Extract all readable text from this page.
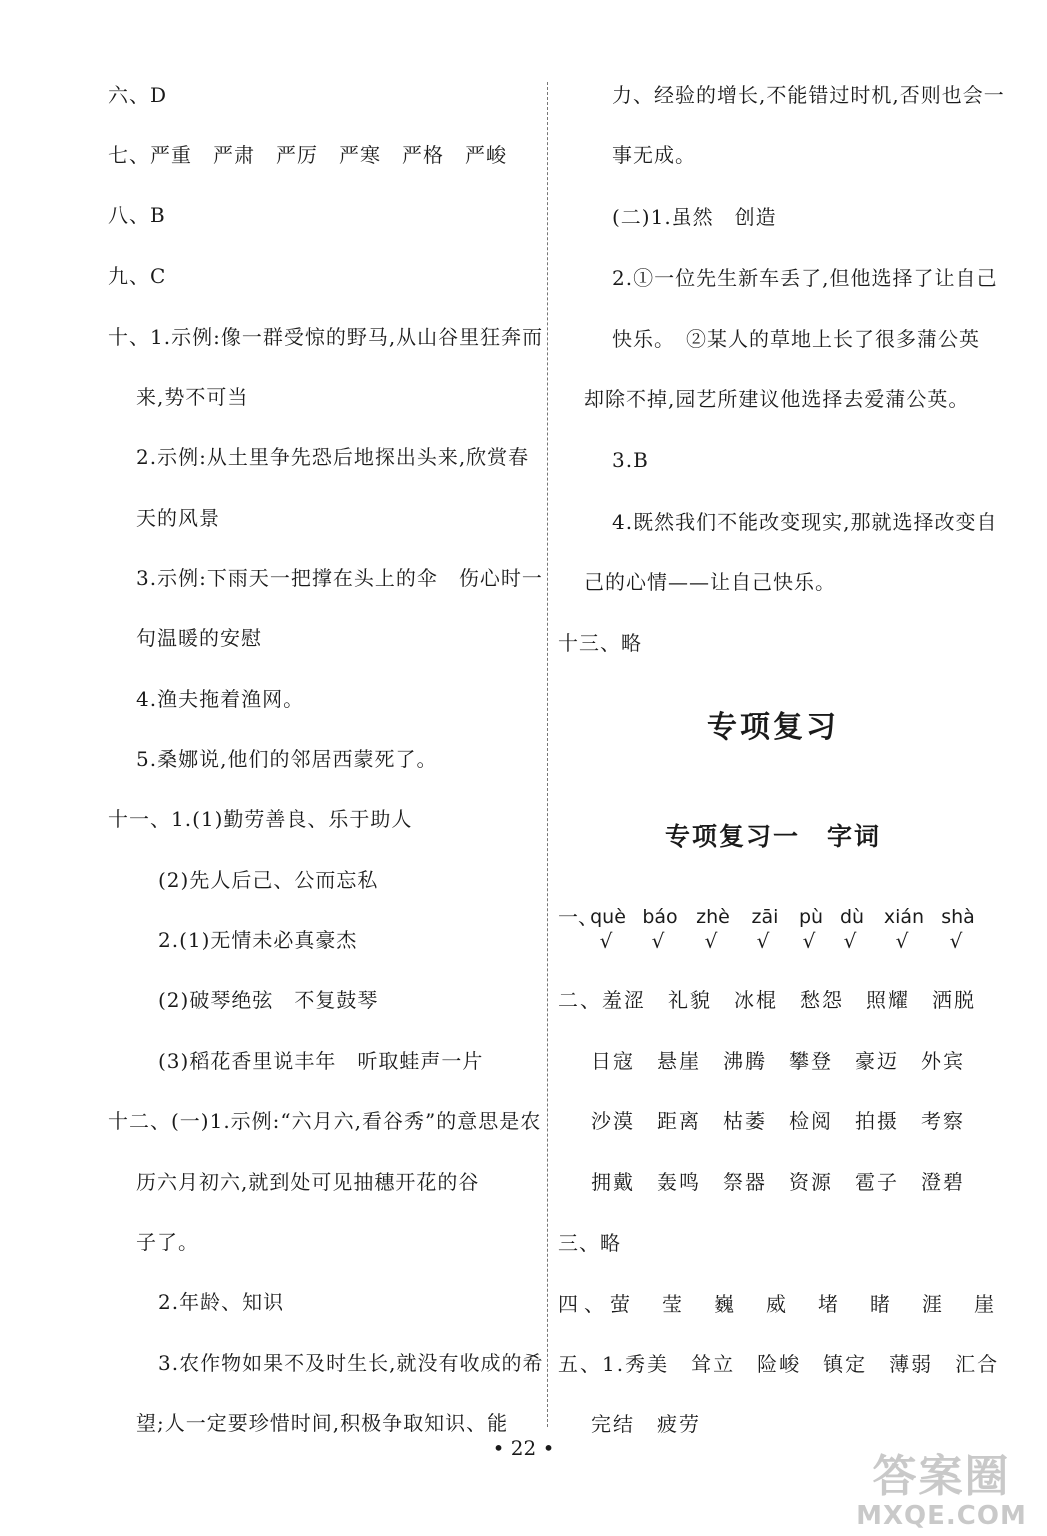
六、D
七、严重　严肃　严厉　严寒　严格　严峻
八、B
九、C
十、1.示例:像一群受惊的野马,从山谷里狂奔而
来,势不可当
2.示例:从土里争先恐后地探出头来,欣赏春
天的风景
3.示例:下雨天一把撑在头上的伞　伤心时一
句温暖的安慰
4.渔夫拖着渔网。
5.桑娜说,他们的邻居西蒙死了。
十一、1.(1)勤劳善良、乐于助人
(2)先人后己、公而忘私
2.(1)无情未必真豪杰
(2)破琴绝弦　不复鼓琴
(3)稻花香里说丰年　听取蛙声一片
十二、(一)1.示例:“六月六,看谷秀”的意思是农
历六月初六,就到处可见抽穗开花的谷
子了。
2.年龄、知识
3.农作物如果不及时生长,就没有收成的希
望;人一定要珍惜时间,积极争取知识、能
力、经验的增长,不能错过时机,否则也会一
事无成。
(二)1.虽然　创造
2.①一位先生新车丢了,但他选择了让自己
快乐。　②某人的草地上长了很多蒲公英
却除不掉,园艺所建议他选择去爱蒲公英。
3.B
4.既然我们不能改变现实,那就选择改变自
己的心情——让自己快乐。
十三、略
专项复习
专项复习一　字词
一、
què báo zhè	zāi	pù dù	xián shà
√	√	√	√	√	√	√	√
二、羞涩　礼貌　冰棍　愁怨　照耀　洒脱
日寇　悬崖　沸腾　攀登　豪迈　外宾
沙漠　距离　枯萎　检阅　拍摄　考察
拥戴　轰鸣　祭器　资源　雹子　澄碧
三、略
四、萤　莹　巍　威　堵　睹　涯　崖
五、1.秀美　耸立　险峻　镇定　薄弱　汇合
完结　疲劳
• 22 •
答案圈
MXQE.COM
